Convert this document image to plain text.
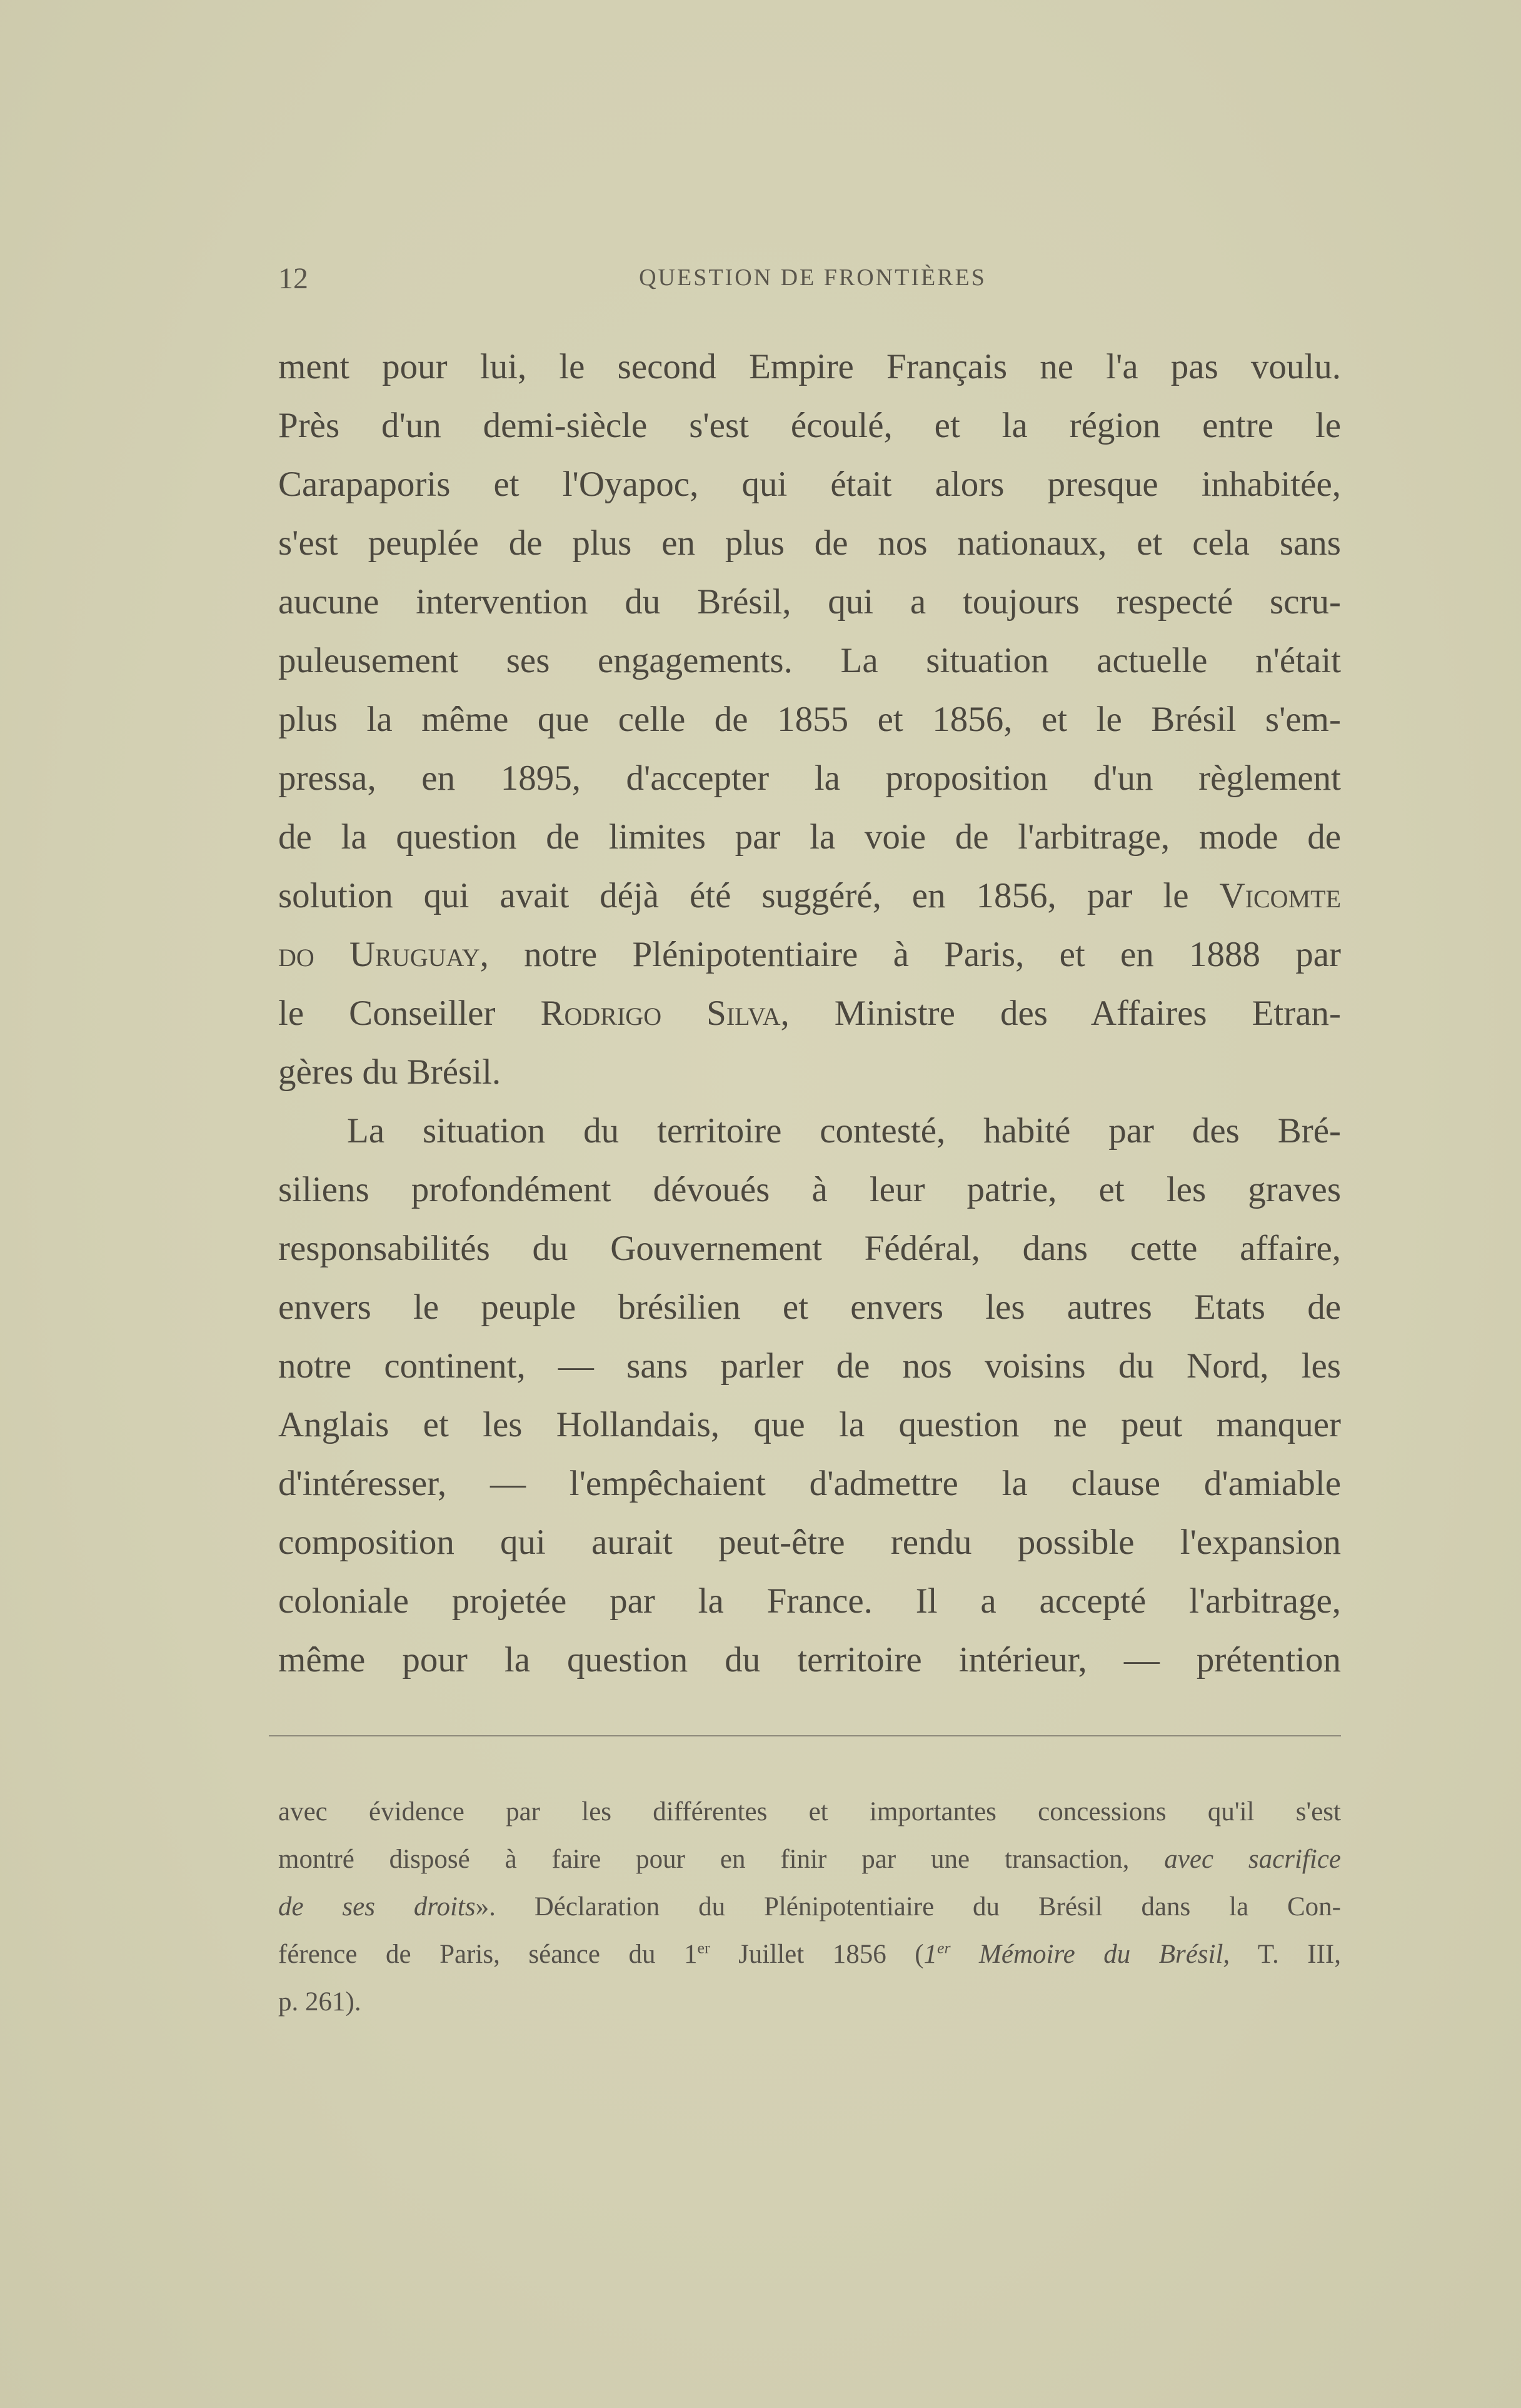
12	QUESTION DE FRONTIÈRES
ment pour lui, le second Empire Français ne l'a pas voulu.
Près d'un demi-siècle s'est écoulé, et la région entre le
Carapaporis et l'Oyapoc, qui était alors presque inhabitée,
s'est peuplée de plus en plus de nos nationaux, et cela sans
aucune intervention du Brésil, qui a toujours respecté scru-
puleusement ses engagements. La situation actuelle n'était
plus la même que celle de 1855 et 1856, et le Brésil s'em-
pressa, en 1895, d'accepter la proposition d'un règlement
de la question de limites par la voie de l'arbitrage, mode de
solution qui avait déjà été suggéré, en 1856, par le Vicomte
do Uruguay, notre Plénipotentiaire à Paris, et en 1888 par
le Conseiller Rodrigo Silva, Ministre des Affaires Etran-
gères du Brésil.
La situation du territoire contesté, habité par des Bré-
siliens profondément dévoués à leur patrie, et les graves
responsabilités du Gouvernement Fédéral, dans cette affaire,
envers le peuple brésilien et envers les autres Etats de
notre continent, — sans parler de nos voisins du Nord, les
Anglais et les Hollandais, que la question ne peut manquer
d'intéresser, — l'empêchaient d'admettre la clause d'amiable
composition qui aurait peut-être rendu possible l'expansion
coloniale projetée par la France. Il a accepté l'arbitrage,
même pour la question du territoire intérieur, — prétention
avec évidence par les différentes et importantes concessions qu'il s'est
montré disposé à faire pour en finir par une transaction, avec sacrifice
de ses droits». Déclaration du Plénipotentiaire du Brésil dans la Con-
férence de Paris, séance du 1er Juillet 1856 (1er Mémoire du Brésil, T. III,
p. 261).
